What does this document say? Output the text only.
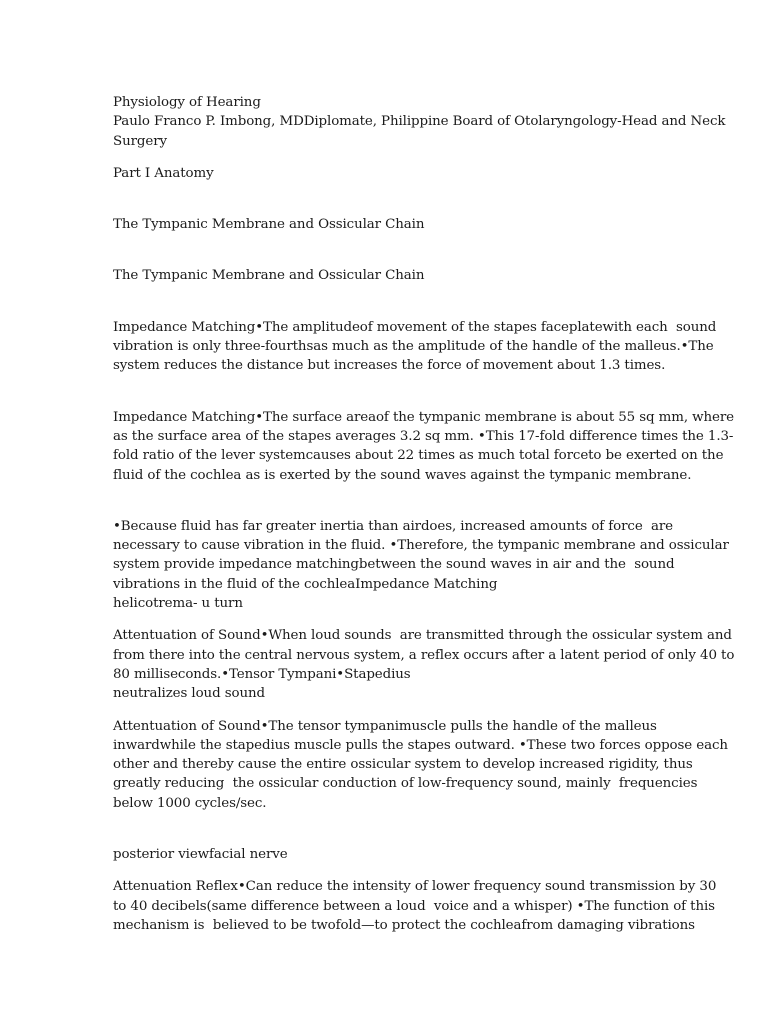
Physiology of Hearing
Paulo Franco P. Imbong, MDDiplomate, Philippine Board of Otolaryngology-Head and Neck
Surgery
Part I Anatomy
The Tympanic Membrane and Ossicular Chain
The Tympanic Membrane and Ossicular Chain
Impedance Matching•The amplitudeof movement of the stapes faceplatewith each  sound
vibration is only three-fourthsas much as the amplitude of the handle of the malleus.•The
system reduces the distance but increases the force of movement about 1.3 times.
Impedance Matching•The surface areaof the tympanic membrane is about 55 sq mm, where
as the surface area of the stapes averages 3.2 sq mm. •This 17-fold difference times the 1.3-
fold ratio of the lever systemcauses about 22 times as much total forceto be exerted on the
fluid of the cochlea as is exerted by the sound waves against the tympanic membrane.
•Because fluid has far greater inertia than airdoes, increased amounts of force  are
necessary to cause vibration in the fluid. •Therefore, the tympanic membrane and ossicular
system provide impedance matchingbetween the sound waves in air and the  sound
vibrations in the fluid of the cochleaImpedance Matching
helicotrema- u turn
Attentuation of Sound•When loud sounds  are transmitted through the ossicular system and
from there into the central nervous system, a reflex occurs after a latent period of only 40 to
80 milliseconds.•Tensor Tympani•Stapedius
neutralizes loud sound
Attentuation of Sound•The tensor tympanimuscle pulls the handle of the malleus
inwardwhile the stapedius muscle pulls the stapes outward. •These two forces oppose each
other and thereby cause the entire ossicular system to develop increased rigidity, thus
greatly reducing  the ossicular conduction of low-frequency sound, mainly  frequencies
below 1000 cycles/sec.
posterior viewfacial nerve
Attenuation Reflex•Can reduce the intensity of lower frequency sound transmission by 30
to 40 decibels(same difference between a loud  voice and a whisper) •The function of this
mechanism is  believed to be twofold—to protect the cochleafrom damaging vibrations
